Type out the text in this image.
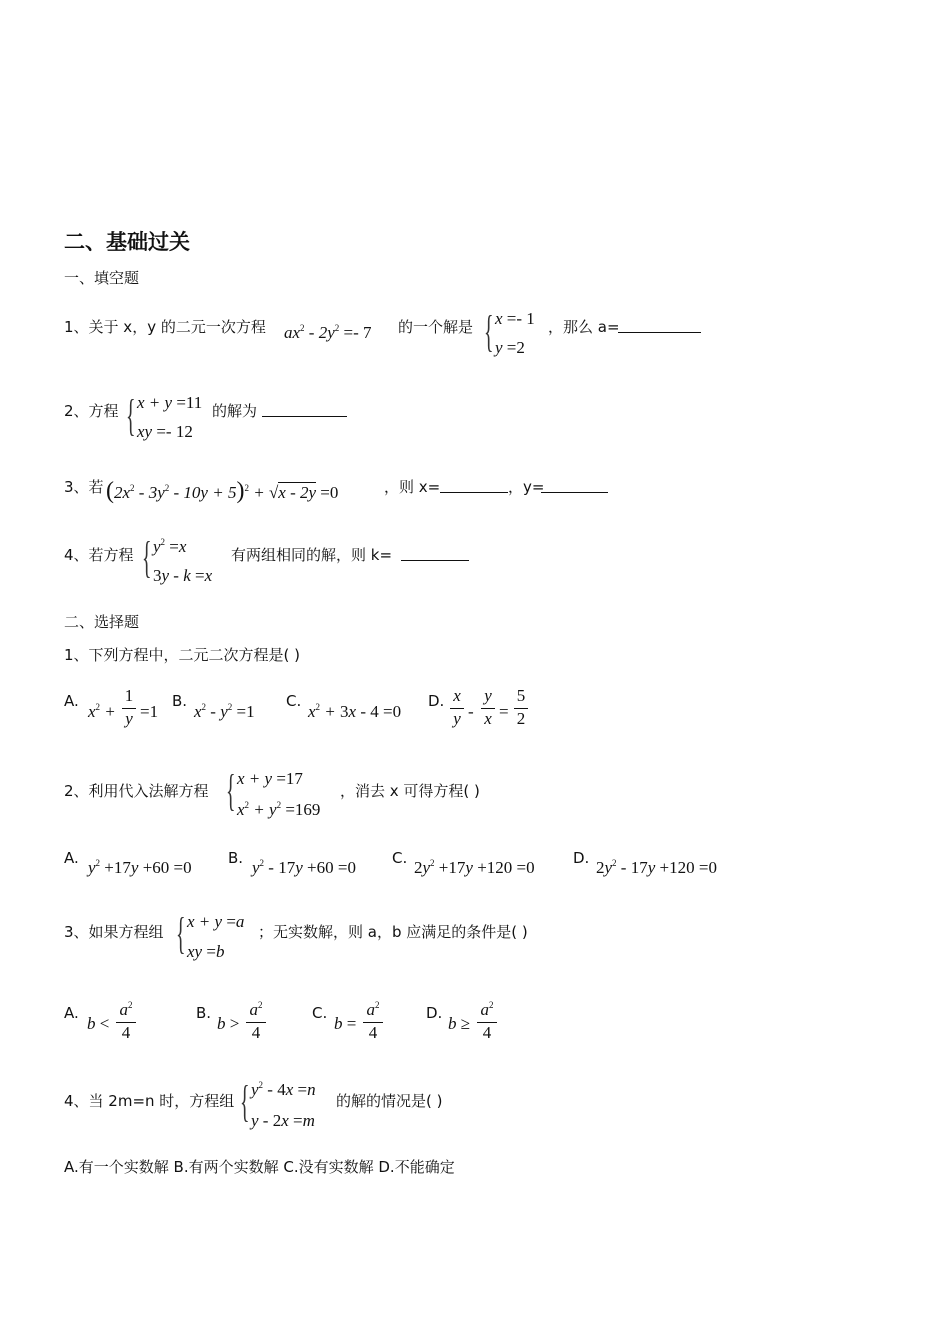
二、基础过关
一、填空题
1、关于 x，y 的二元一次方程 $ax^2 - 2y^2 =- 7$ 的一个解是 { x =- 1
y =2
，那么 a=
2、方程 { x + y =11
xy =- 12
的解为
3、若 $(2x^2 - 3y^2 - 10y + 5)^2 + √x - 2y =0$	，则 x=	，y=
4、若方程 { $y^2 =x$
3y - k =x
有两组相同的解，则 k=
二、选择题
1、下列方程中，二元二次方程是( )
A.
$x^2$ +
1
y =1
B.
$x^2 - y^2 =1$
C.
$x^2 + 3x - 4 =0$
D. x
y -
y
x =
5
2
2、利用代入法解方程 { x + y =17
$x^2 + y^2 =169$
，消去 x 可得方程( )
A. $y^2 +17y +60 =0$ B. $y^2 - 17y +60 =0$ C. $2y^2 +17y +120 =0$	D. $2y^2 - 17y +120 =0$
3、如果方程组 { x + y =a
xy =b
；无实数解，则 a，b 应满足的条件是( )
A.
b <
$a^2$
4
B.
b >
$a^2$
4
C.
b =
$a^2$
4
D.
b ≥
$a^2$
4
4、当 2m=n 时，方程组 { $y^2 - 4x =n$
y - 2x =m
的解的情况是( )
A.有一个实数解 B.有两个实数解 C.没有实数解 D.不能确定
